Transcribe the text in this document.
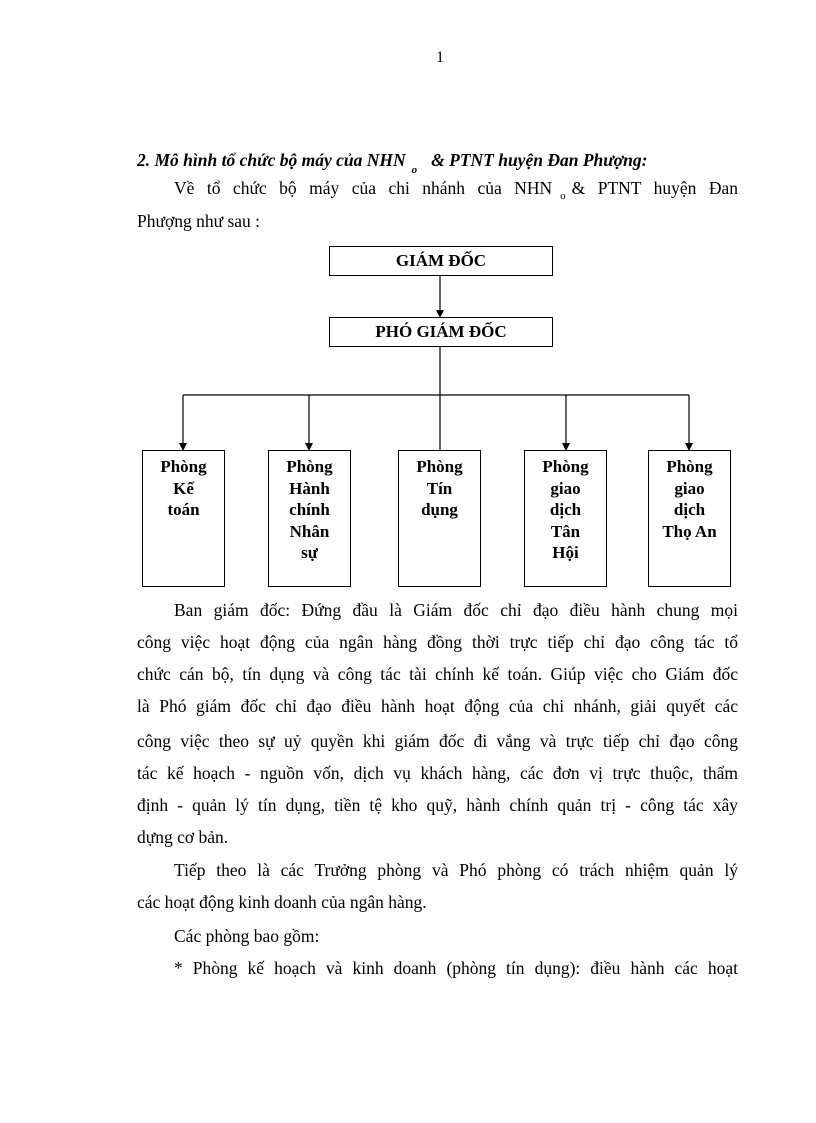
1
2. Mô hình tổ chức bộ máy của NHN $_o$ & PTNT huyện Đan Phượng:
Về tổ chức bộ máy của chi nhánh của NHN $_o$ & PTNT huyện Đan
Phượng như sau :
GIÁM ĐỐC
PHÓ GIÁM ĐỐC
Phòng
Kế
toán
Phòng
Hành
chính
Nhân
sự
Phòng
Tín
dụng
Phòng
giao
dịch
Tân
Hội
Phòng
giao
dịch
Thọ An
Ban giám đốc: Đứng đầu là Giám đốc chỉ đạo điều hành chung mọi
công việc hoạt động của ngân hàng đồng thời trực tiếp chỉ đạo công tác tổ
chức cán bộ, tín dụng và công tác tài chính kế toán. Giúp việc cho Giám đốc
là Phó giám đốc chỉ đạo điều hành hoạt động của chi nhánh, giải quyết các
công việc theo sự uỷ quyền khi giám đốc đi vắng và trực tiếp chỉ đạo công
tác kế hoạch - nguồn vốn, dịch vụ khách hàng, các đơn vị trực thuộc, thẩm
định - quản lý tín dụng, tiền tệ kho quỹ, hành chính quản trị - công tác xây
dựng cơ bản.
Tiếp theo là các Trưởng phòng và Phó phòng có trách nhiệm quản lý
các hoạt động kinh doanh của ngân hàng.
Các phòng bao gồm:
* Phòng kế hoạch và kinh doanh (phòng tín dụng): điều hành các hoạt
